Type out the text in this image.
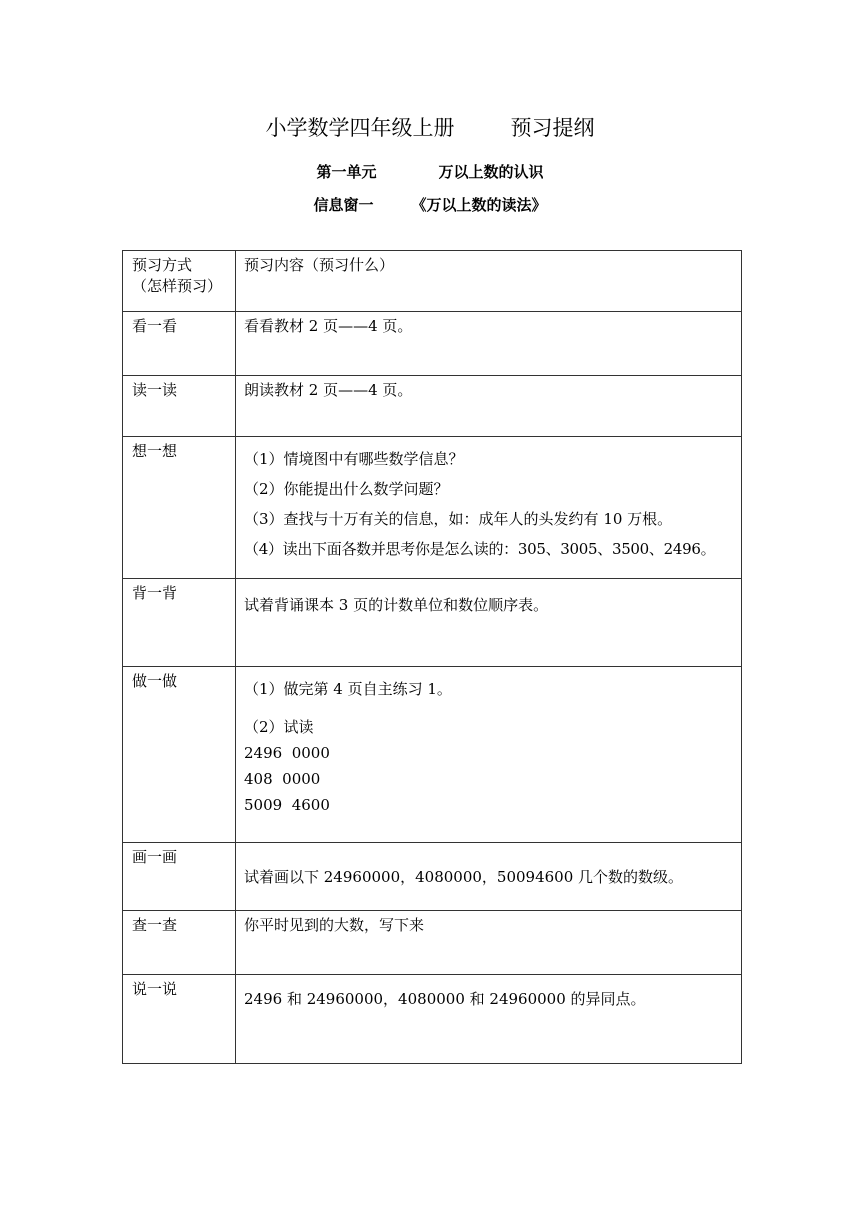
小学数学四年级上册	预习提纲
第一单元	万以上数的认识
信息窗一	《万以上数的读法》
预习方式
（怎样预习）	预习内容（预习什么）

看一看	看看教材 2 页——4 页。

读一读	朗读教材 2 页——4 页。

想一想	（1）情境图中有哪些数学信息？
（2）你能提出什么数学问题？
（3）查找与十万有关的信息，如：成年人的头发约有 10 万根。
（4）读出下面各数并思考你是怎么读的：305、3005、3500、2496。

背一背	试着背诵课本 3 页的计数单位和数位顺序表。

做一做	（1）做完第 4 页自主练习 1。
（2）试读
2496  0000
408  0000
5009  4600

画一画	试着画以下 24960000，4080000，50094600 几个数的数级。

查一查	你平时见到的大数，写下来

说一说	2496 和 24960000，4080000 和 24960000 的异同点。
